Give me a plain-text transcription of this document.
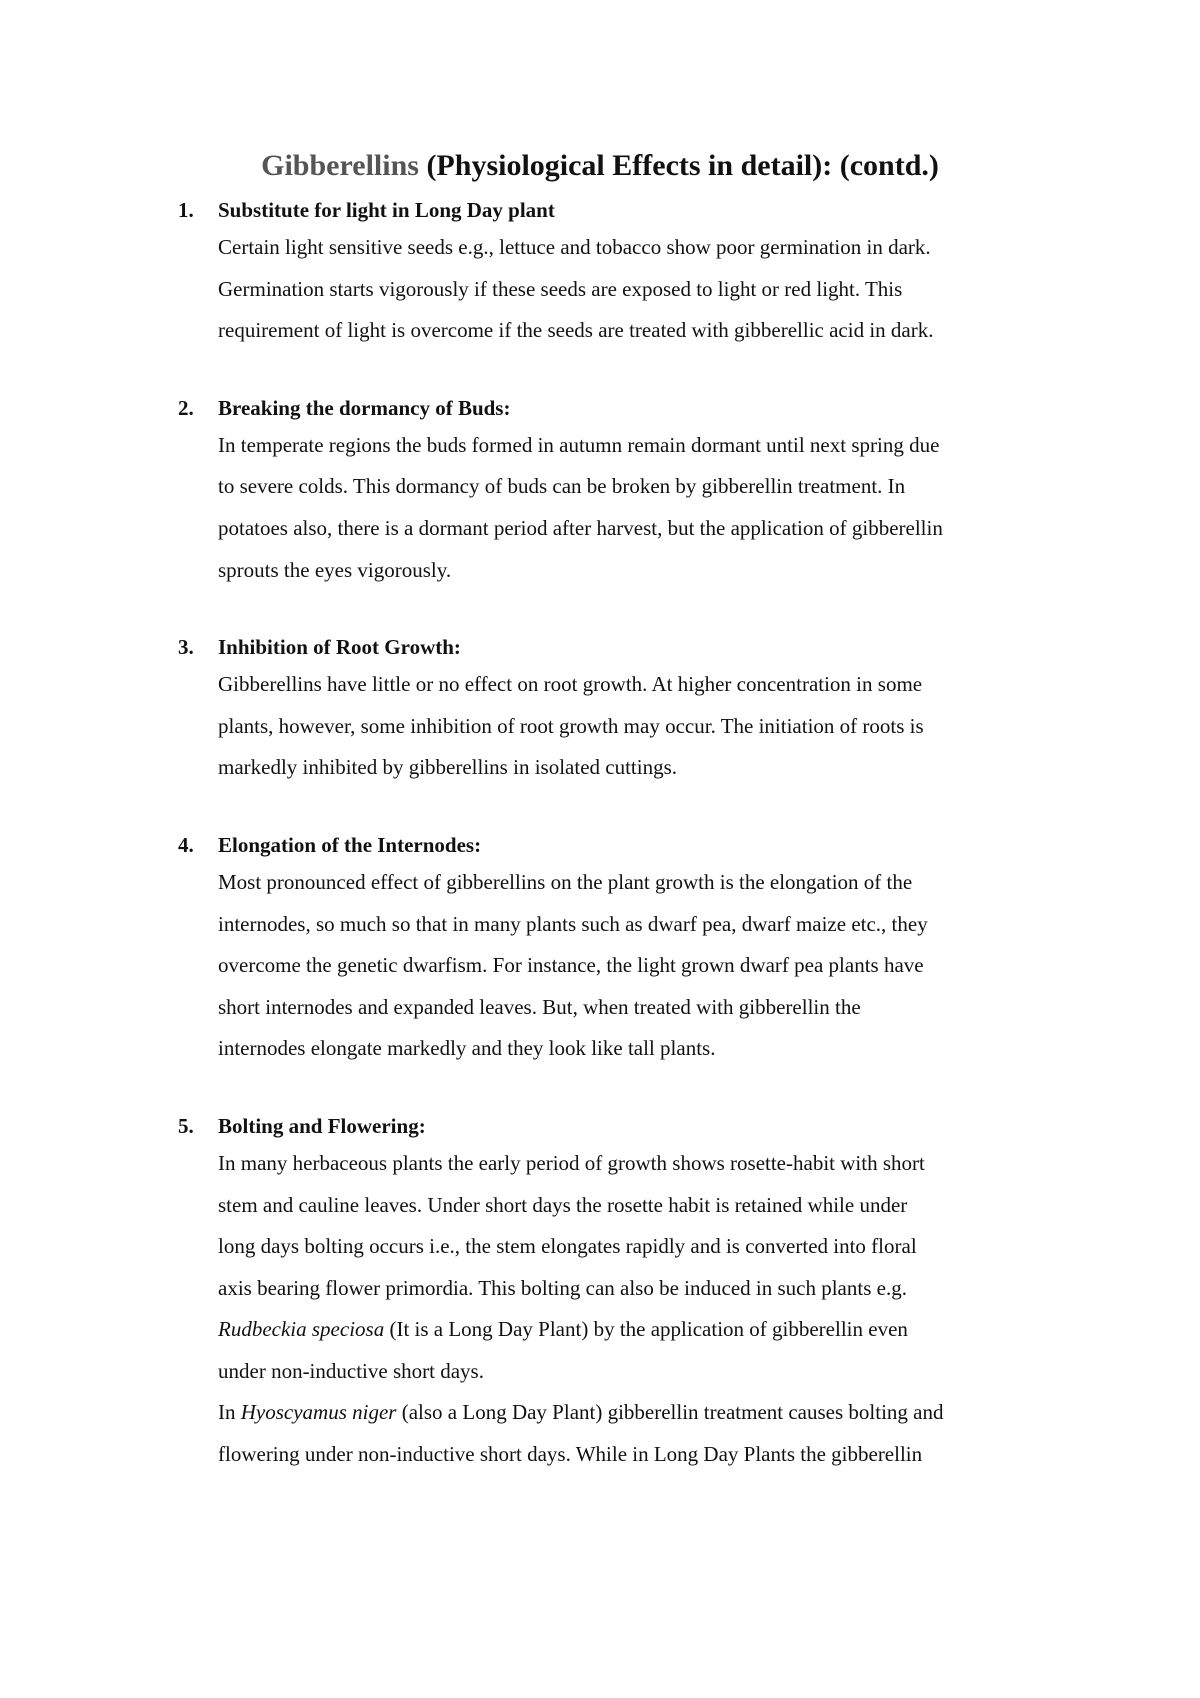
Gibberellins (Physiological Effects in detail): (contd.)
1. Substitute for light in Long Day plant
Certain light sensitive seeds e.g., lettuce and tobacco show poor germination in dark.
Germination starts vigorously if these seeds are exposed to light or red light. This
requirement of light is overcome if the seeds are treated with gibberellic acid in dark.
2. Breaking the dormancy of Buds:
In temperate regions the buds formed in autumn remain dormant until next spring due
to severe colds. This dormancy of buds can be broken by gibberellin treatment. In
potatoes also, there is a dormant period after harvest, but the application of gibberellin
sprouts the eyes vigorously.
3. Inhibition of Root Growth:
Gibberellins have little or no effect on root growth. At higher concentration in some
plants, however, some inhibition of root growth may occur. The initiation of roots is
markedly inhibited by gibberellins in isolated cuttings.
4. Elongation of the Internodes:
Most pronounced effect of gibberellins on the plant growth is the elongation of the
internodes, so much so that in many plants such as dwarf pea, dwarf maize etc., they
overcome the genetic dwarfism. For instance, the light grown dwarf pea plants have
short internodes and expanded leaves. But, when treated with gibberellin the
internodes elongate markedly and they look like tall plants.
5. Bolting and Flowering:
In many herbaceous plants the early period of growth shows rosette-habit with short
stem and cauline leaves. Under short days the rosette habit is retained while under
long days bolting occurs i.e., the stem elongates rapidly and is converted into floral
axis bearing flower primordia. This bolting can also be induced in such plants e.g.
Rudbeckia speciosa (It is a Long Day Plant) by the application of gibberellin even
under non-inductive short days.
In Hyoscyamus niger (also a Long Day Plant) gibberellin treatment causes bolting and
flowering under non-inductive short days. While in Long Day Plants the gibberellin
